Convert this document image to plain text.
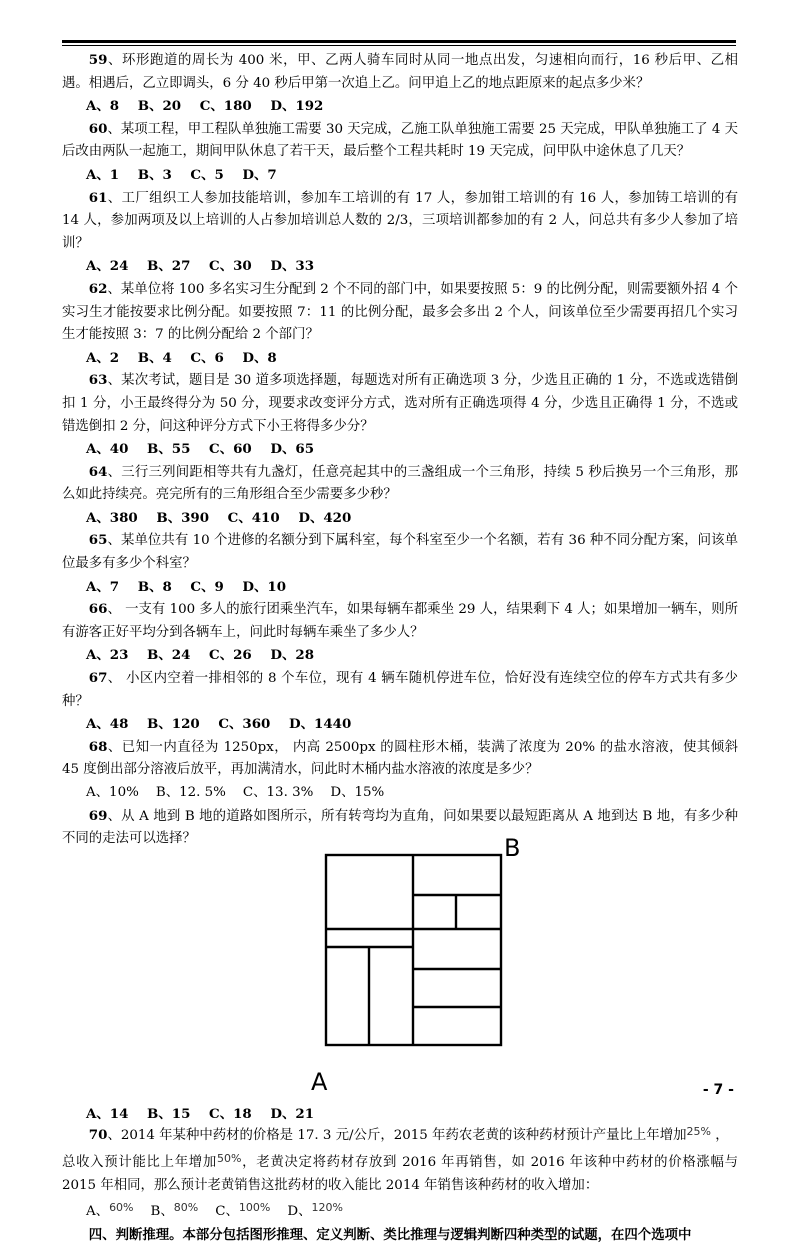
59、环形跑道的周长为 400 米，甲、乙两人骑车同时从同一地点出发，匀速相向而行，16 秒后甲、乙相遇。相遇后，乙立即调头，6 分 40 秒后甲第一次追上乙。问甲追上乙的地点距原来的起点多少米？

A、8    B、20    C、180    D、192

60、某项工程，甲工程队单独施工需要 30 天完成，乙施工队单独施工需要 25 天完成，甲队单独施工了 4 天后改由两队一起施工，期间甲队休息了若干天，最后整个工程共耗时 19 天完成，问甲队中途休息了几天？

A、1    B、3    C、5    D、7

61、工厂组织工人参加技能培训，参加车工培训的有 17 人，参加钳工培训的有 16 人，参加铸工培训的有 14 人，参加两项及以上培训的人占参加培训总人数的 2/3，三项培训都参加的有 2 人，问总共有多少人参加了培训？

A、24    B、27    C、30    D、33

62、某单位将 100 多名实习生分配到 2 个不同的部门中，如果要按照 5：9 的比例分配，则需要额外招 4 个实习生才能按要求比例分配。如要按照 7：11 的比例分配，最多会多出 2 个人，问该单位至少需要再招几个实习生才能按照 3：7 的比例分配给 2 个部门？

A、2    B、4    C、6    D、8

63、某次考试，题目是 30 道多项选择题，每题选对所有正确选项 3 分，少选且正确的 1 分，不选或选错倒扣 1 分，小王最终得分为 50 分，现要求改变评分方式，选对所有正确选项得 4 分，少选且正确得 1 分，不选或错选倒扣 2 分，问这种评分方式下小王将得多少分？

A、40    B、55    C、60    D、65

64、三行三列间距相等共有九盏灯，任意亮起其中的三盏组成一个三角形，持续 5 秒后换另一个三角形，那么如此持续亮。亮完所有的三角形组合至少需要多少秒？

A、380    B、390    C、410    D、420

65、某单位共有 10 个进修的名额分到下属科室，每个科室至少一个名额，若有 36 种不同分配方案，问该单位最多有多少个科室？

A、7    B、8    C、9    D、10

66、 一支有 100 多人的旅行团乘坐汽车，如果每辆车都乘坐 29 人，结果剩下 4 人；如果增加一辆车，则所有游客正好平均分到各辆车上，问此时每辆车乘坐了多少人？

A、23    B、24    C、26    D、28

67、 小区内空着一排相邻的 8 个车位，现有 4 辆车随机停进车位，恰好没有连续空位的停车方式共有多少种？

A、48    B、120    C、360    D、1440

68、已知一内直径为 1250px， 内高 2500px 的圆柱形木桶，装满了浓度为 20% 的盐水溶液，使其倾斜 45 度倒出部分溶液后放平，再加满清水，问此时木桶内盐水溶液的浓度是多少？

A、10%    B、12. 5%    C、13. 3%    D、15%

69、从 A 地到 B 地的道路如图所示，所有转弯均为直角，问如果要以最短距离从 A 地到达 B 地，有多少种不同的走法可以选择？

A
B

A、14    B、15    C、18    D、21

70、2014 年某种中药材的价格是 17. 3 元/公斤，2015 年药农老黄的该种药材预计产量比上年增加$^{25\%}$ ，

总收入预计能比上年增加$^{50\%}$，老黄决定将药材存放到 2016 年再销售，如 2016 年该种中药材的价格涨幅与 2015 年相同，那么预计老黄销售这批药材的收入能比 2014 年销售该种药材的收入增加：

A、$^{60\%}$ B、$^{80\%}$ C、$^{100\%}$ D、$^{120\%}$

四、判断推理。本部分包括图形推理、定义判断、类比推理与逻辑判断四种类型的试题，在四个选项中

- 7 -
